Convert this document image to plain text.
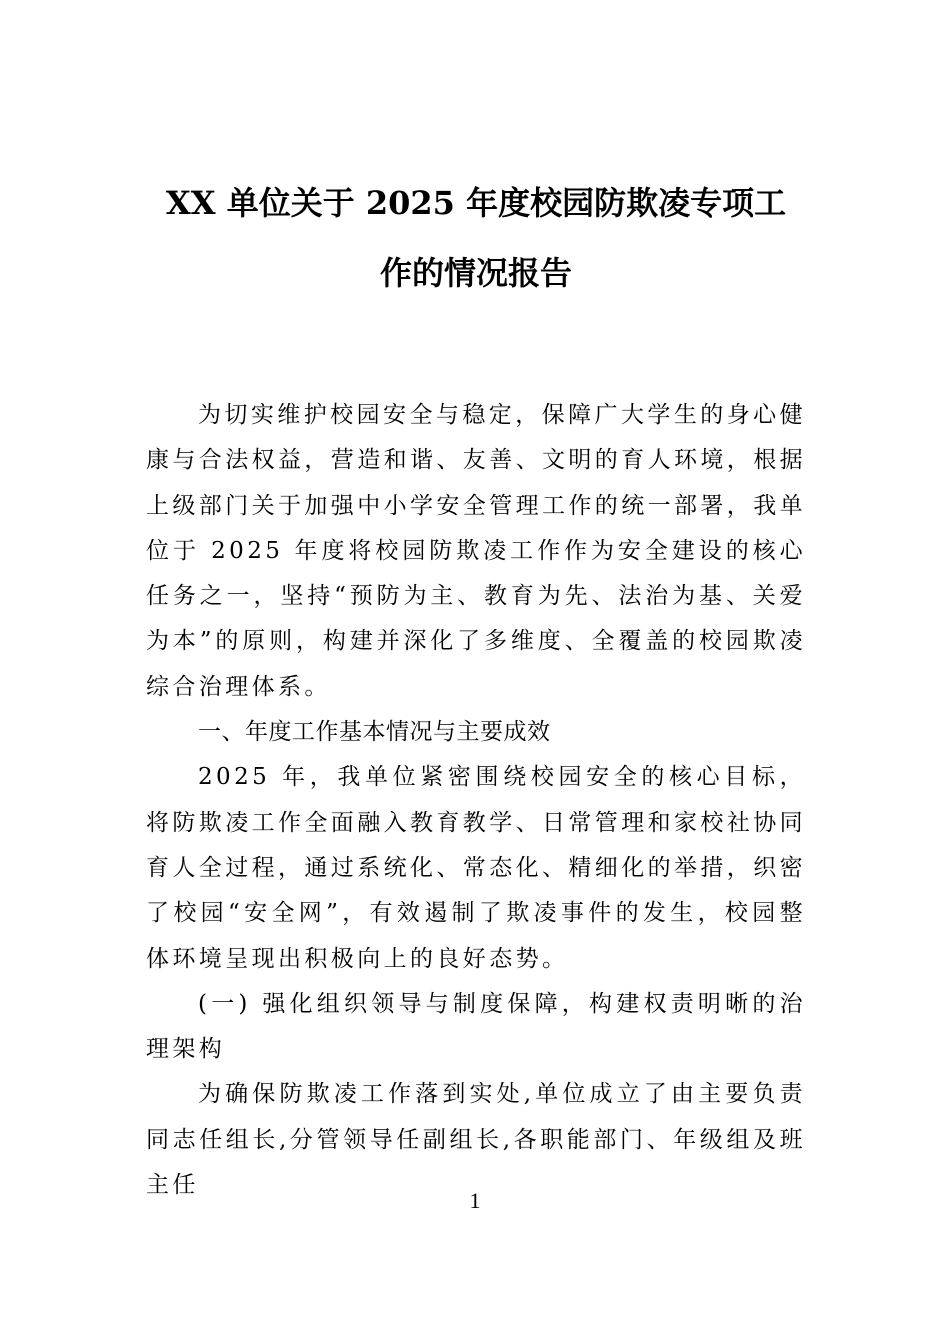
XX 单位关于 2025 年度校园防欺凌专项工
作的情况报告

为切实维护校园安全与稳定，保障广大学生的身心健康与合法权益，营造和谐、友善、文明的育人环境，根据上级部门关于加强中小学安全管理工作的统一部署，我单位于 2025 年度将校园防欺凌工作作为安全建设的核心任务之一，坚持“预防为主、教育为先、法治为基、关爱为本”的原则，构建并深化了多维度、全覆盖的校园欺凌综合治理体系。

一、年度工作基本情况与主要成效

2025 年，我单位紧密围绕校园安全的核心目标，将防欺凌工作全面融入教育教学、日常管理和家校社协同育人全过程，通过系统化、常态化、精细化的举措，织密了校园“安全网”，有效遏制了欺凌事件的发生，校园整体环境呈现出积极向上的良好态势。

(一) 强化组织领导与制度保障，构建权责明晰的治理架构

为确保防欺凌工作落到实处,单位成立了由主要负责同志任组长,分管领导任副组长,各职能部门、年级组及班主任

1
